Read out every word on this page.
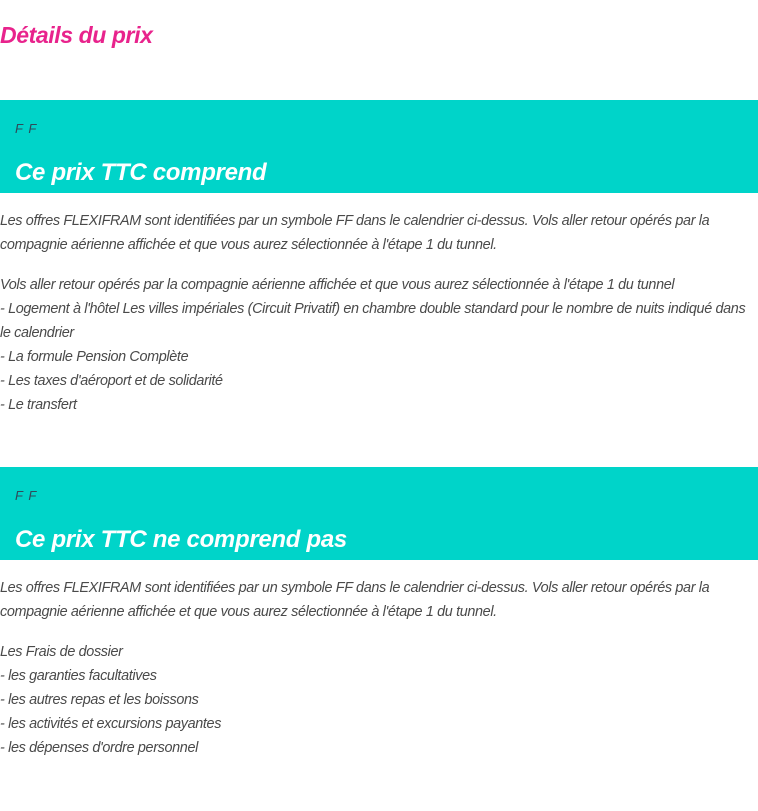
Détails du prix
F F
Ce prix TTC comprend

Les offres FLEXIFRAM sont identifiées par un symbole FF dans le calendrier ci-dessus. Vols aller retour opérés par la compagnie aérienne affichée et que vous aurez sélectionnée à l'étape 1 du tunnel.

Vols aller retour opérés par la compagnie aérienne affichée et que vous aurez sélectionnée à l'étape 1 du tunnel
- Logement à l'hôtel Les villes impériales (Circuit Privatif) en chambre double standard pour le nombre de nuits indiqué dans le calendrier
- La formule Pension Complète
- Les taxes d'aéroport et de solidarité
- Le transfert
F F
Ce prix TTC ne comprend pas

Les offres FLEXIFRAM sont identifiées par un symbole FF dans le calendrier ci-dessus. Vols aller retour opérés par la compagnie aérienne affichée et que vous aurez sélectionnée à l'étape 1 du tunnel.

Les Frais de dossier
- les garanties facultatives
- les autres repas et les boissons
- les activités et excursions payantes
- les dépenses d'ordre personnel
